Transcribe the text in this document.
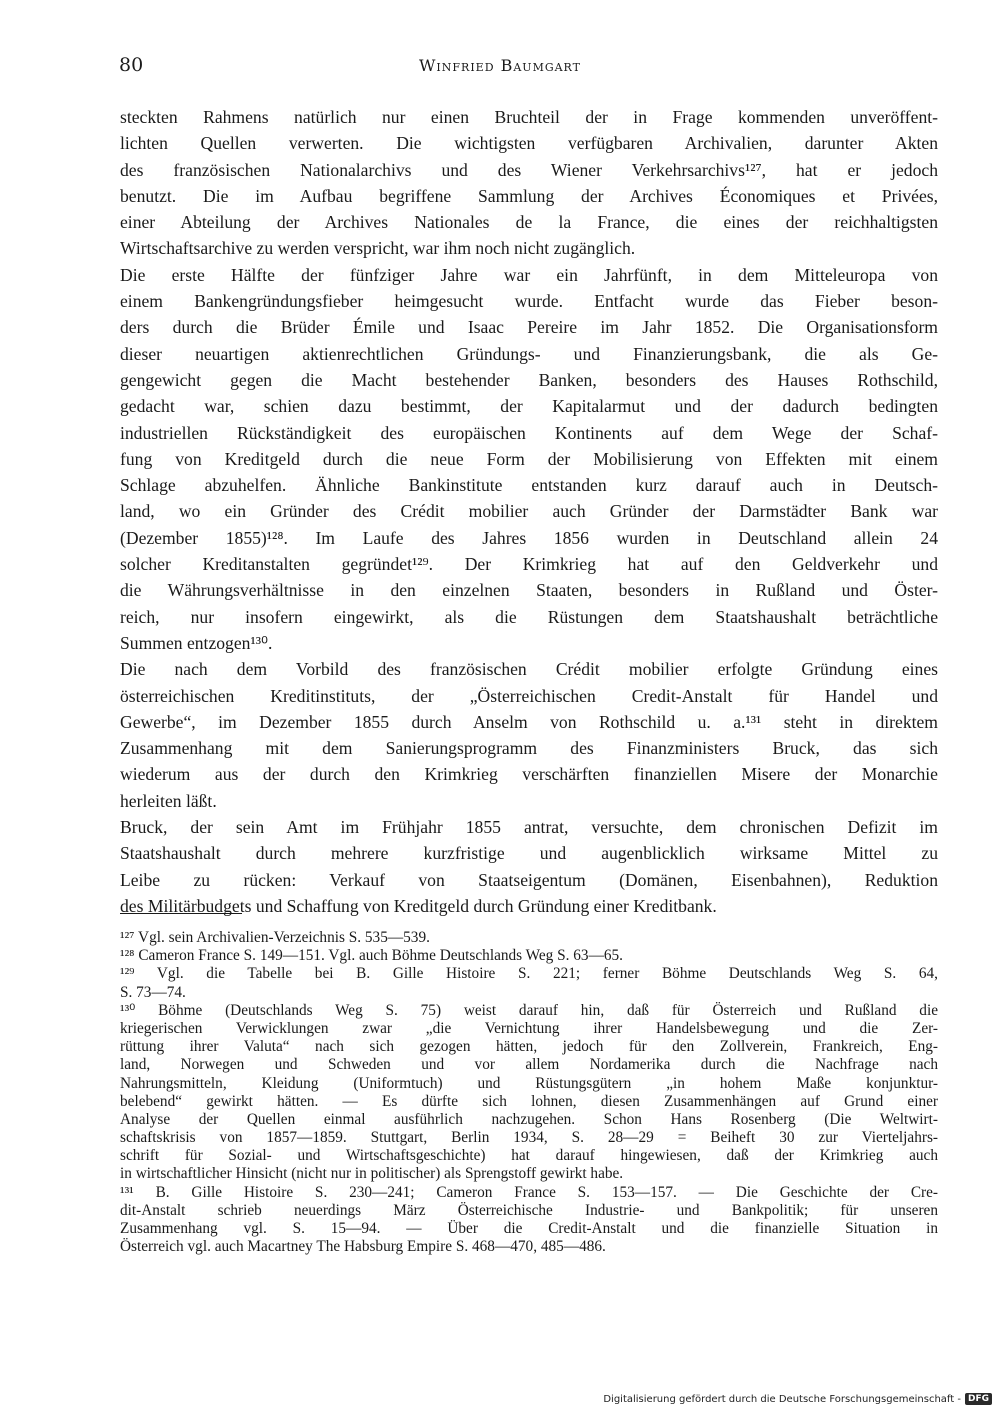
80	Winfried Baumgart
steckten Rahmens natürlich nur einen Bruchteil der in Frage kommenden unveröffent-
lichten Quellen verwerten. Die wichtigsten verfügbaren Archivalien, darunter Akten
des französischen Nationalarchivs und des Wiener Verkehrsarchivs¹²⁷, hat er jedoch
benutzt. Die im Aufbau begriffene Sammlung der Archives Économiques et Privées,
einer Abteilung der Archives Nationales de la France, die eines der reichhaltigsten
Wirtschaftsarchive zu werden verspricht, war ihm noch nicht zugänglich.
Die erste Hälfte der fünfziger Jahre war ein Jahrfünft, in dem Mitteleuropa von
einem Bankengründungsfieber heimgesucht wurde. Entfacht wurde das Fieber beson-
ders durch die Brüder Émile und Isaac Pereire im Jahr 1852. Die Organisationsform
dieser neuartigen aktienrechtlichen Gründungs- und Finanzierungsbank, die als Ge-
gengewicht gegen die Macht bestehender Banken, besonders des Hauses Rothschild,
gedacht war, schien dazu bestimmt, der Kapitalarmut und der dadurch bedingten
industriellen Rückständigkeit des europäischen Kontinents auf dem Wege der Schaf-
fung von Kreditgeld durch die neue Form der Mobilisierung von Effekten mit einem
Schlage abzuhelfen. Ähnliche Bankinstitute entstanden kurz darauf auch in Deutsch-
land, wo ein Gründer des Crédit mobilier auch Gründer der Darmstädter Bank war
(Dezember 1855)¹²⁸. Im Laufe des Jahres 1856 wurden in Deutschland allein 24
solcher Kreditanstalten gegründet¹²⁹. Der Krimkrieg hat auf den Geldverkehr und
die Währungsverhältnisse in den einzelnen Staaten, besonders in Rußland und Öster-
reich, nur insofern eingewirkt, als die Rüstungen dem Staatshaushalt beträchtliche
Summen entzogen¹³⁰.
Die nach dem Vorbild des französischen Crédit mobilier erfolgte Gründung eines
österreichischen Kreditinstituts, der „Österreichischen Credit-Anstalt für Handel und
Gewerbe“, im Dezember 1855 durch Anselm von Rothschild u. a.¹³¹ steht in direktem
Zusammenhang mit dem Sanierungsprogramm des Finanzministers Bruck, das sich
wiederum aus der durch den Krimkrieg verschärften finanziellen Misere der Monarchie
herleiten läßt.
Bruck, der sein Amt im Frühjahr 1855 antrat, versuchte, dem chronischen Defizit im
Staatshaushalt durch mehrere kurzfristige und augenblicklich wirksame Mittel zu
Leibe zu rücken: Verkauf von Staatseigentum (Domänen, Eisenbahnen), Reduktion
des Militärbudgets und Schaffung von Kreditgeld durch Gründung einer Kreditbank.
¹²⁷ Vgl. sein Archivalien-Verzeichnis S. 535—539.
¹²⁸ Cameron France S. 149—151. Vgl. auch Böhme Deutschlands Weg S. 63—65.
¹²⁹ Vgl. die Tabelle bei B. Gille Histoire S. 221; ferner Böhme Deutschlands Weg S. 64,
S. 73—74.
¹³⁰ Böhme (Deutschlands Weg S. 75) weist darauf hin, daß für Österreich und Rußland die
kriegerischen Verwicklungen zwar „die Vernichtung ihrer Handelsbewegung und die Zer-
rüttung ihrer Valuta“ nach sich gezogen hätten, jedoch für den Zollverein, Frankreich, Eng-
land, Norwegen und Schweden und vor allem Nordamerika durch die Nachfrage nach
Nahrungsmitteln, Kleidung (Uniformtuch) und Rüstungsgütern „in hohem Maße konjunktur-
belebend“ gewirkt hätten. — Es dürfte sich lohnen, diesen Zusammenhängen auf Grund einer
Analyse der Quellen einmal ausführlich nachzugehen. Schon Hans Rosenberg (Die Weltwirt-
schaftskrisis von 1857—1859. Stuttgart, Berlin 1934, S. 28—29 = Beiheft 30 zur Vierteljahrs-
schrift für Sozial- und Wirtschaftsgeschichte) hat darauf hingewiesen, daß der Krimkrieg auch
in wirtschaftlicher Hinsicht (nicht nur in politischer) als Sprengstoff gewirkt habe.
¹³¹ B. Gille Histoire S. 230—241; Cameron France S. 153—157. — Die Geschichte der Cre-
dit-Anstalt schrieb neuerdings März Österreichische Industrie- und Bankpolitik; für unseren
Zusammenhang vgl. S. 15—94. — Über die Credit-Anstalt und die finanzielle Situation in
Österreich vgl. auch Macartney The Habsburg Empire S. 468—470, 485—486.
Digitalisierung gefördert durch die Deutsche Forschungsgemeinschaft - DFG
